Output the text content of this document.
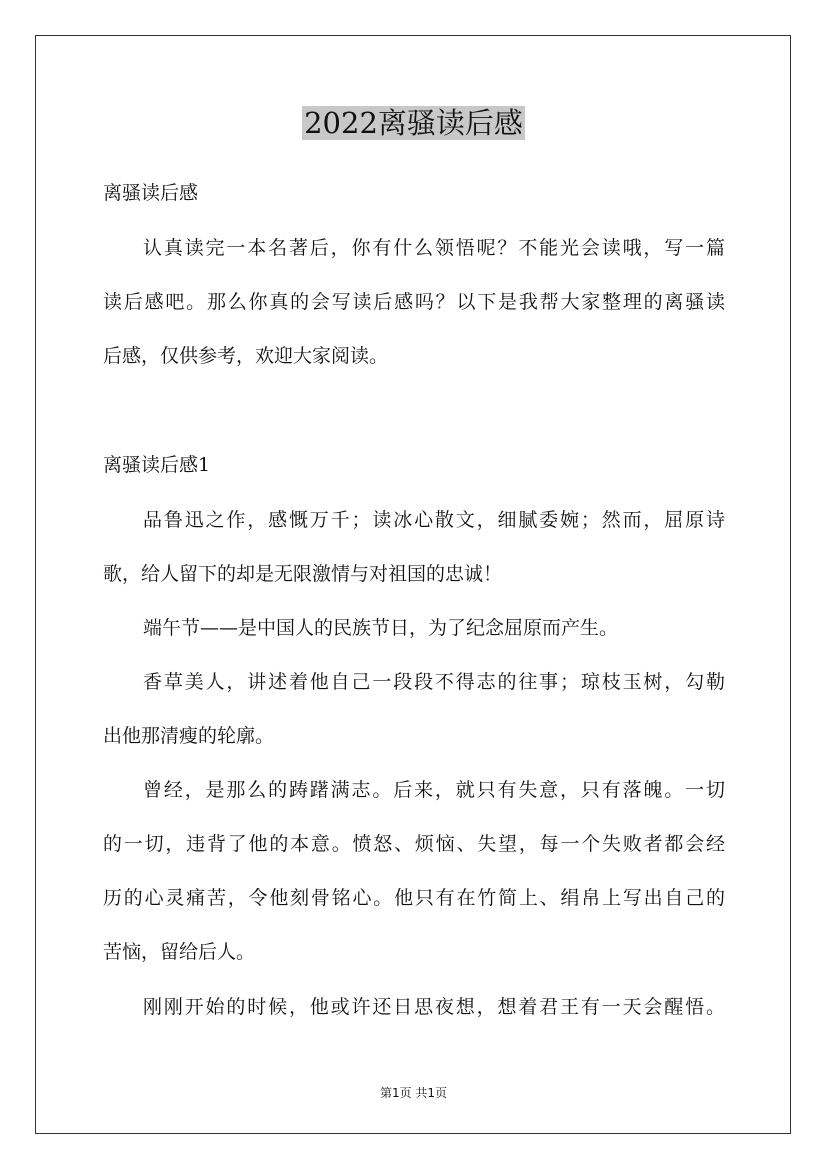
2022离骚读后感
离骚读后感
认真读完一本名著后，你有什么领悟呢？不能光会读哦，写一篇
读后感吧。那么你真的会写读后感吗？以下是我帮大家整理的离骚读
后感，仅供参考，欢迎大家阅读。
离骚读后感1
品鲁迅之作，感慨万千；读冰心散文，细腻委婉；然而，屈原诗
歌，给人留下的却是无限激情与对祖国的忠诚！
端午节——是中国人的民族节日，为了纪念屈原而产生。
香草美人，讲述着他自己一段段不得志的往事；琼枝玉树，勾勒
出他那清瘦的轮廓。
曾经，是那么的踌躇满志。后来，就只有失意，只有落魄。一切
的一切，违背了他的本意。愤怒、烦恼、失望，每一个失败者都会经
历的心灵痛苦，令他刻骨铭心。他只有在竹简上、绢帛上写出自己的
苦恼，留给后人。
刚刚开始的时候，他或许还日思夜想，想着君王有一天会醒悟。
第1页 共1页
